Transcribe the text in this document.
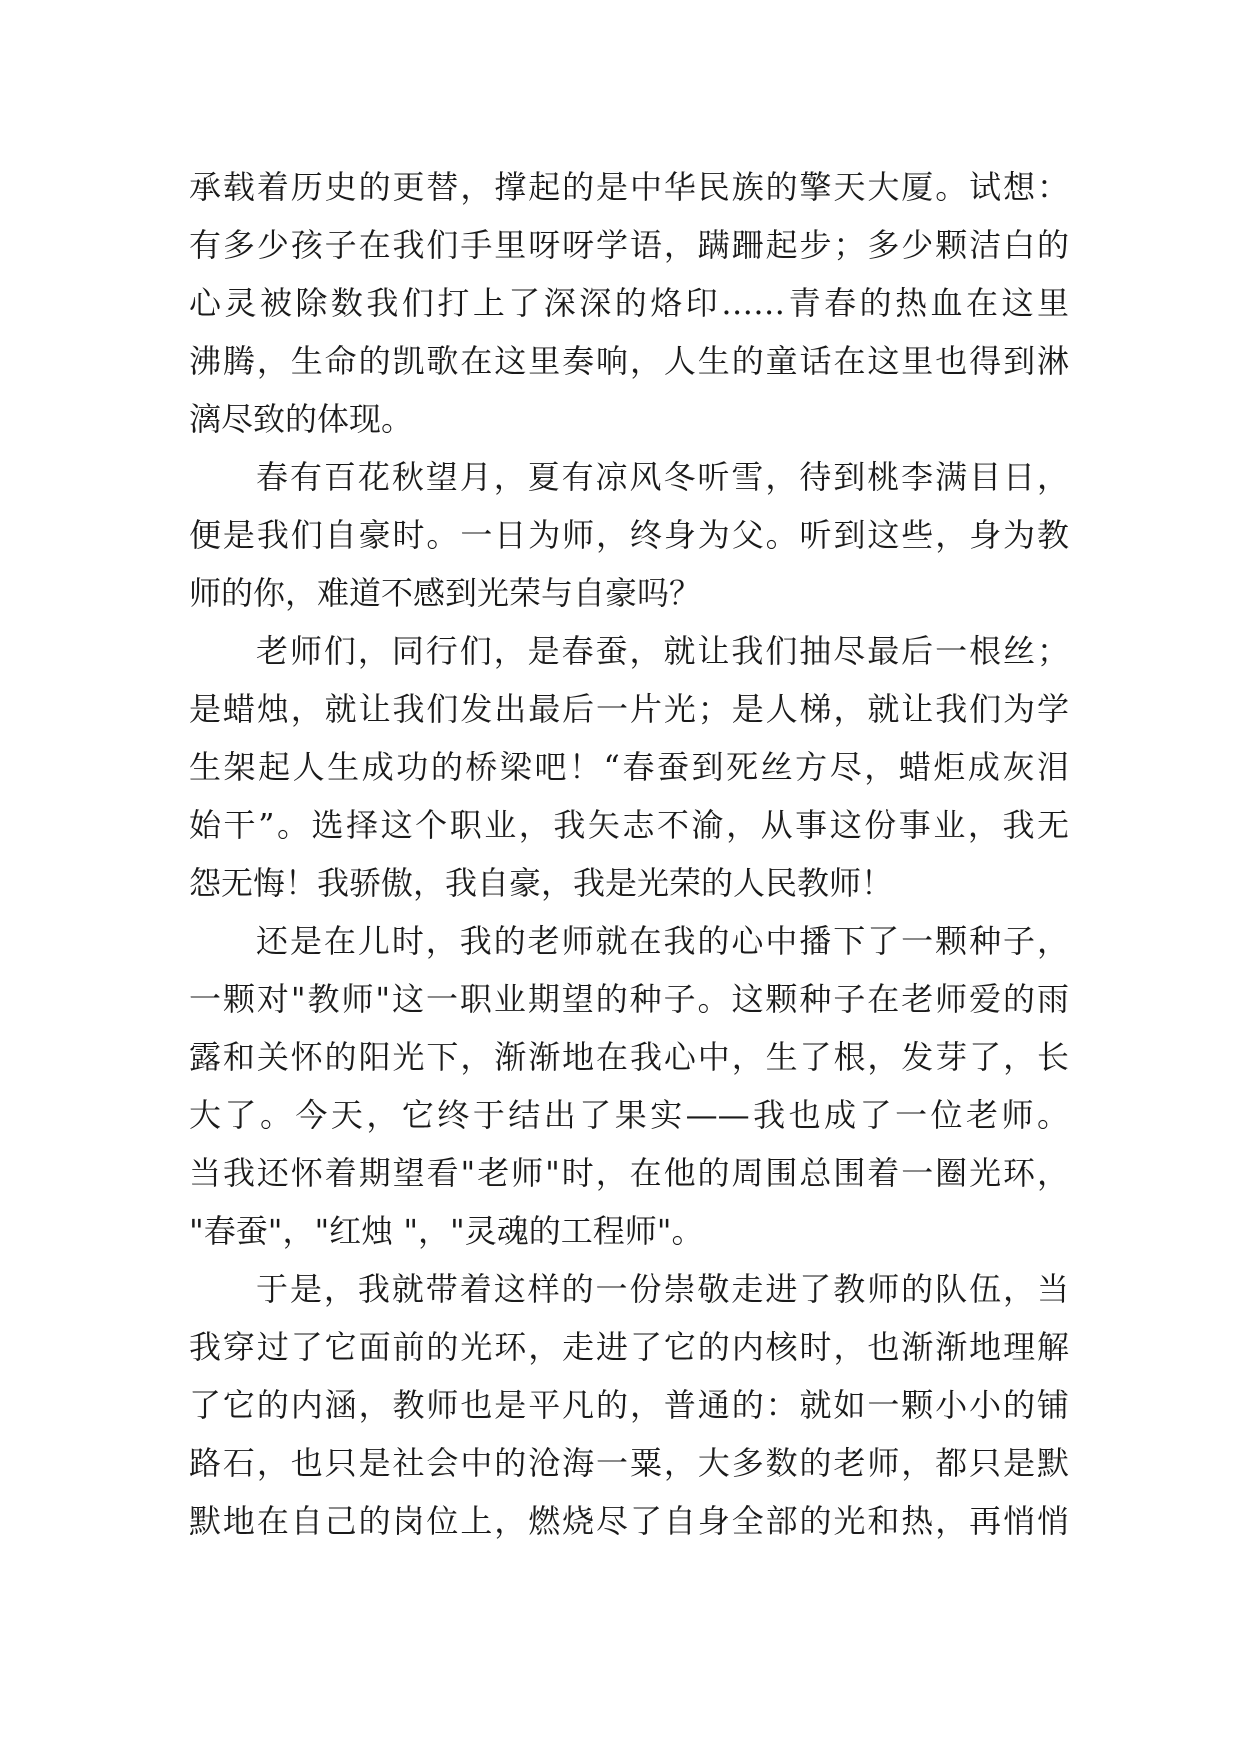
承载着历史的更替，撑起的是中华民族的擎天大厦。试想：
有多少孩子在我们手里呀呀学语，蹒跚起步；多少颗洁白的
心灵被除数我们打上了深深的烙印……青春的热血在这里
沸腾，生命的凯歌在这里奏响，人生的童话在这里也得到淋
漓尽致的体现。
春有百花秋望月，夏有凉风冬听雪，待到桃李满目日，
便是我们自豪时。一日为师，终身为父。听到这些，身为教
师的你，难道不感到光荣与自豪吗？
老师们，同行们，是春蚕，就让我们抽尽最后一根丝；
是蜡烛，就让我们发出最后一片光；是人梯，就让我们为学
生架起人生成功的桥梁吧！“春蚕到死丝方尽，蜡炬成灰泪
始干”。选择这个职业，我矢志不渝，从事这份事业，我无
怨无悔！我骄傲，我自豪，我是光荣的人民教师！
还是在儿时，我的老师就在我的心中播下了一颗种子，
一颗对"教师"这一职业期望的种子。这颗种子在老师爱的雨
露和关怀的阳光下，渐渐地在我心中，生了根，发芽了，长
大了。今天，它终于结出了果实——我也成了一位老师。
当我还怀着期望看"老师"时，在他的周围总围着一圈光环，
"春蚕"，"红烛 "，"灵魂的工程师"。
于是，我就带着这样的一份崇敬走进了教师的队伍，当
我穿过了它面前的光环，走进了它的内核时，也渐渐地理解
了它的内涵，教师也是平凡的，普通的：就如一颗小小的铺
路石，也只是社会中的沧海一粟，大多数的老师，都只是默
默地在自己的岗位上，燃烧尽了自身全部的光和热，再悄悄
